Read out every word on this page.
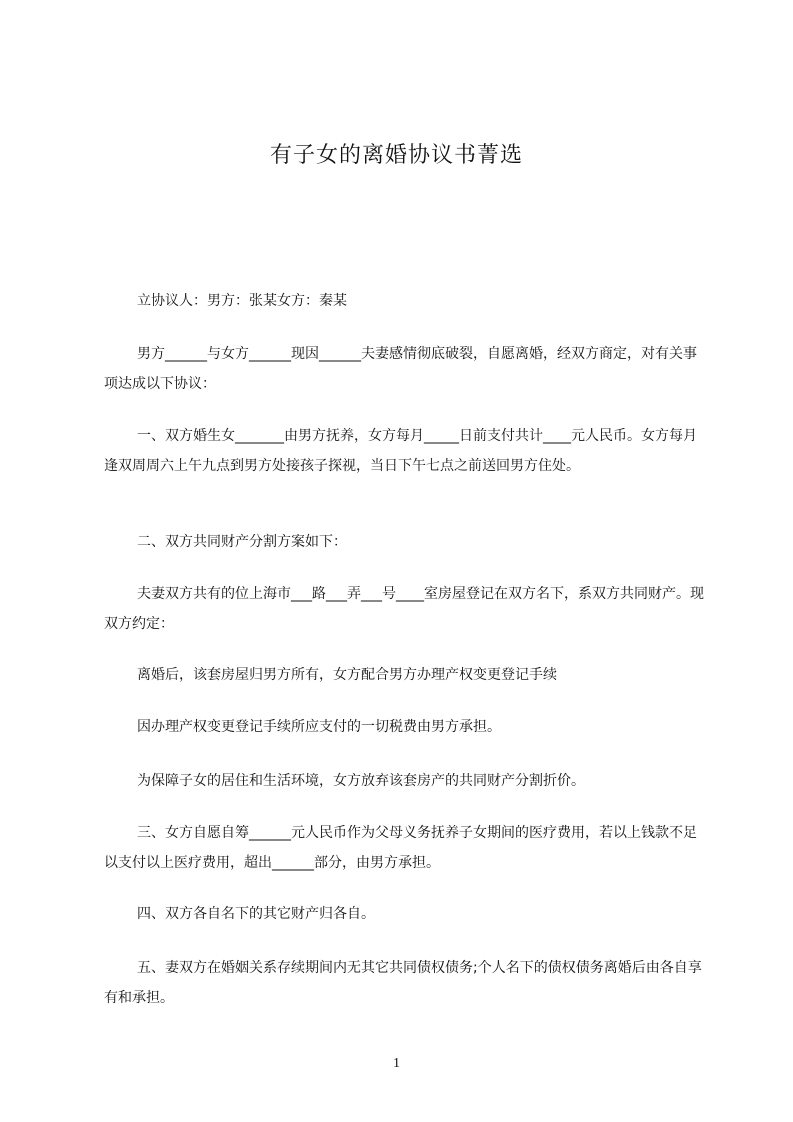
有子女的离婚协议书菁选
立协议人：男方：张某女方：秦某
男方______与女方______现因______夫妻感情彻底破裂，自愿离婚，经双方商定，对有关事项达成以下协议：
一、双方婚生女_______由男方抚养，女方每月_____日前支付共计____元人民币。女方每月逢双周周六上午九点到男方处接孩子探视，当日下午七点之前送回男方住处。
二、双方共同财产分割方案如下：
夫妻双方共有的位上海市___路___弄___号____室房屋登记在双方名下，系双方共同财产。现双方约定：
离婚后，该套房屋归男方所有，女方配合男方办理产权变更登记手续
因办理产权变更登记手续所应支付的一切税费由男方承担。
为保障子女的居住和生活环境，女方放弃该套房产的共同财产分割折价。
三、女方自愿自筹______元人民币作为父母义务抚养子女期间的医疗费用，若以上钱款不足以支付以上医疗费用，超出______部分，由男方承担。
四、双方各自名下的其它财产归各自。
五、妻双方在婚姻关系存续期间内无其它共同债权债务;个人名下的债权债务离婚后由各自享有和承担。
1
